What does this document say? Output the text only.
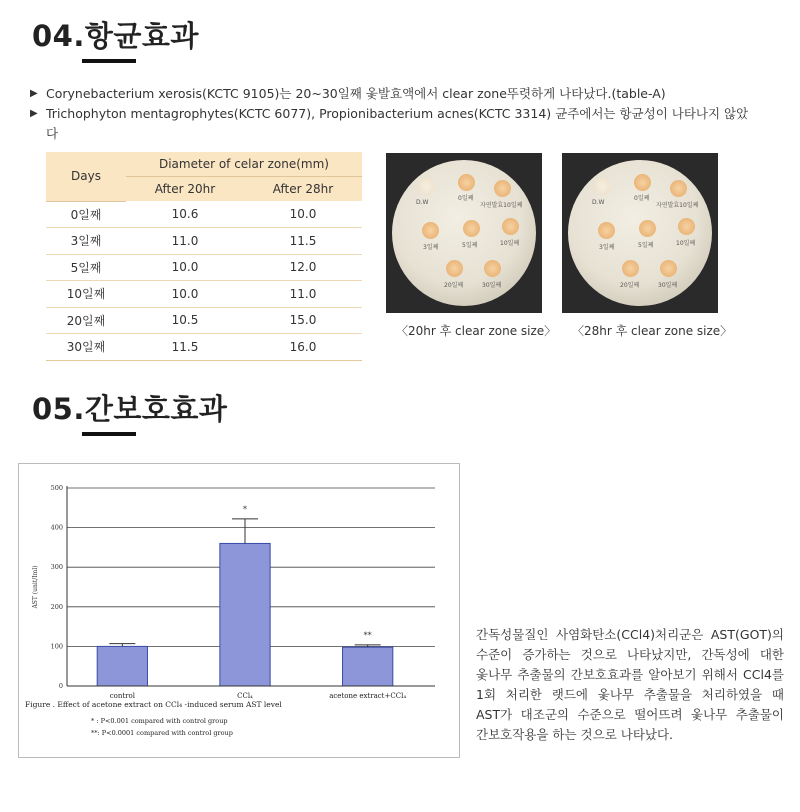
04.항균효과
▶ Corynebacterium xerosis(KCTC 9105)는 20~30일째 옻발효액에서 clear zone뚜렷하게 나타났다.(table-A)
▶ Trichophyton mentagrophytes(KCTC 6077), Propionibacterium acnes(KCTC 3314) 균주에서는 항균성이 나타나지 않았다
Days	Diameter of celar zone(mm)	
	After 20hr	After 28hr
0일째	10.6	10.0
3일째	11.0	11.5
5일째	10.0	12.0
10일째	10.0	11.0
20일째	10.5	15.0
30일째	11.5	16.0
D.W
0일째
자연발효10일째
3일째	5일째	10일째
20일째	30일째
D.W
0일째
자연발효10일째
3일째	5일째	10일째
20일째	30일째
〈20hr 후 clear zone size〉 〈28hr 후 clear zone size〉
05.간보호효과
0
100
200
300
400
500
control
*
CCl₄
**
acetone extract+CCl₄
AST (unit/Iml)
Figure . Effect of acetone extract on CCl₄ -induced serum AST level
* : P<0.001 compared with control group
**: P<0.0001 compared with control group
간독성물질인 사염화탄소(CCl4)처리군은 AST(GOT)의 수준이 증가하는 것으로 나타났지만, 간독성에 대한 옻나무 추출물의 간보호효과를 알아보기 위해서 CCl4를 1회 처리한 랫드에 옻나무 추출물을 처리하였을 때 AST가 대조군의 수준으로 떨어뜨려 옻나무 추출물이 간보호작용을 하는 것으로 나타났다.
